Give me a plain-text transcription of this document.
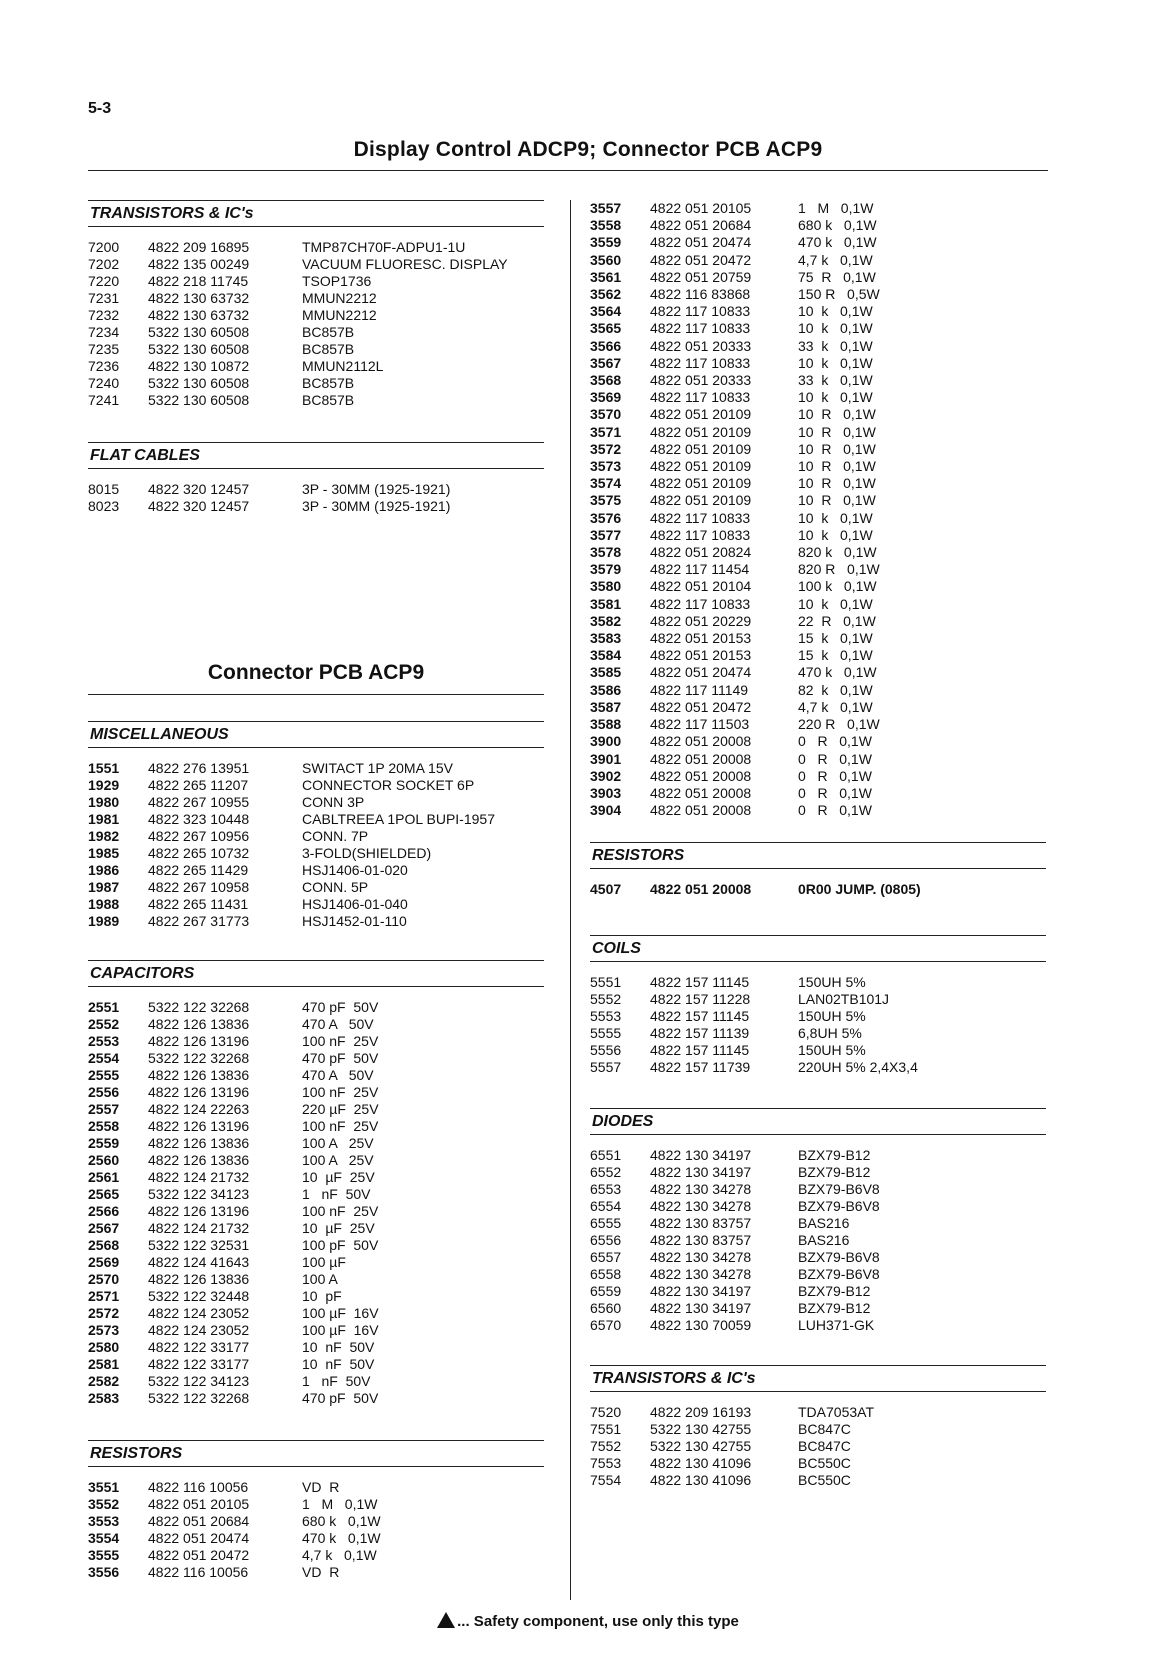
5-3
Display Control ADCP9; Connector PCB ACP9
TRANSISTORS & IC's
7200	4822 209 16895	TMP87CH70F-ADPU1-1U
7202	4822 135 00249	VACUUM FLUORESC. DISPLAY
7220	4822 218 11745	TSOP1736
7231	4822 130 63732	MMUN2212
7232	4822 130 63732	MMUN2212
7234	5322 130 60508	BC857B
7235	5322 130 60508	BC857B
7236	4822 130 10872	MMUN2112L
7240	5322 130 60508	BC857B
7241	5322 130 60508	BC857B
FLAT CABLES
8015	4822 320 12457	3P - 30MM (1925-1921)
8023	4822 320 12457	3P - 30MM (1925-1921)
Connector PCB ACP9
MISCELLANEOUS
1551	4822 276 13951	SWITACT 1P 20MA 15V
1929	4822 265 11207	CONNECTOR SOCKET 6P
1980	4822 267 10955	CONN 3P
1981	4822 323 10448	CABLTREEA 1POL BUPI-1957
1982	4822 267 10956	CONN. 7P
1985	4822 265 10732	3-FOLD(SHIELDED)
1986	4822 265 11429	HSJ1406-01-020
1987	4822 267 10958	CONN. 5P
1988	4822 265 11431	HSJ1406-01-040
1989	4822 267 31773	HSJ1452-01-110
CAPACITORS
2551	5322 122 32268	470 pF  50V
2552	4822 126 13836	470 A   50V
2553	4822 126 13196	100 nF  25V
2554	5322 122 32268	470 pF  50V
2555	4822 126 13836	470 A   50V
2556	4822 126 13196	100 nF  25V
2557	4822 124 22263	220 µF  25V
2558	4822 126 13196	100 nF  25V
2559	4822 126 13836	100 A   25V
2560	4822 126 13836	100 A   25V
2561	4822 124 21732	10  µF  25V
2565	5322 122 34123	1   nF  50V
2566	4822 126 13196	100 nF  25V
2567	4822 124 21732	10  µF  25V
2568	5322 122 32531	100 pF  50V
2569	4822 124 41643	100 µF
2570	4822 126 13836	100 A
2571	5322 122 32448	10  pF
2572	4822 124 23052	100 µF  16V
2573	4822 124 23052	100 µF  16V
2580	4822 122 33177	10  nF  50V
2581	4822 122 33177	10  nF  50V
2582	5322 122 34123	1   nF  50V
2583	5322 122 32268	470 pF  50V
RESISTORS
3551	4822 116 10056	VD  R
3552	4822 051 20105	1   M   0,1W
3553	4822 051 20684	680 k   0,1W
3554	4822 051 20474	470 k   0,1W
3555	4822 051 20472	4,7 k   0,1W
3556	4822 116 10056	VD  R
3557	4822 051 20105	1   M   0,1W
3558	4822 051 20684	680 k   0,1W
3559	4822 051 20474	470 k   0,1W
3560	4822 051 20472	4,7 k   0,1W
3561	4822 051 20759	75  R   0,1W
3562	4822 116 83868	150 R   0,5W
3564	4822 117 10833	10  k   0,1W
3565	4822 117 10833	10  k   0,1W
3566	4822 051 20333	33  k   0,1W
3567	4822 117 10833	10  k   0,1W
3568	4822 051 20333	33  k   0,1W
3569	4822 117 10833	10  k   0,1W
3570	4822 051 20109	10  R   0,1W
3571	4822 051 20109	10  R   0,1W
3572	4822 051 20109	10  R   0,1W
3573	4822 051 20109	10  R   0,1W
3574	4822 051 20109	10  R   0,1W
3575	4822 051 20109	10  R   0,1W
3576	4822 117 10833	10  k   0,1W
3577	4822 117 10833	10  k   0,1W
3578	4822 051 20824	820 k   0,1W
3579	4822 117 11454	820 R   0,1W
3580	4822 051 20104	100 k   0,1W
3581	4822 117 10833	10  k   0,1W
3582	4822 051 20229	22  R   0,1W
3583	4822 051 20153	15  k   0,1W
3584	4822 051 20153	15  k   0,1W
3585	4822 051 20474	470 k   0,1W
3586	4822 117 11149	82  k   0,1W
3587	4822 051 20472	4,7 k   0,1W
3588	4822 117 11503	220 R   0,1W
3900	4822 051 20008	0   R   0,1W
3901	4822 051 20008	0   R   0,1W
3902	4822 051 20008	0   R   0,1W
3903	4822 051 20008	0   R   0,1W
3904	4822 051 20008	0   R   0,1W
RESISTORS
4507	4822 051 20008	0R00 JUMP. (0805)
COILS
5551	4822 157 11145	150UH 5%
5552	4822 157 11228	LAN02TB101J
5553	4822 157 11145	150UH 5%
5555	4822 157 11139	6,8UH 5%
5556	4822 157 11145	150UH 5%
5557	4822 157 11739	220UH 5% 2,4X3,4
DIODES
6551	4822 130 34197	BZX79-B12
6552	4822 130 34197	BZX79-B12
6553	4822 130 34278	BZX79-B6V8
6554	4822 130 34278	BZX79-B6V8
6555	4822 130 83757	BAS216
6556	4822 130 83757	BAS216
6557	4822 130 34278	BZX79-B6V8
6558	4822 130 34278	BZX79-B6V8
6559	4822 130 34197	BZX79-B12
6560	4822 130 34197	BZX79-B12
6570	4822 130 70059	LUH371-GK
TRANSISTORS & IC's
7520	4822 209 16193	TDA7053AT
7551	5322 130 42755	BC847C
7552	5322 130 42755	BC847C
7553	4822 130 41096	BC550C
7554	4822 130 41096	BC550C
... Safety component, use only this type
